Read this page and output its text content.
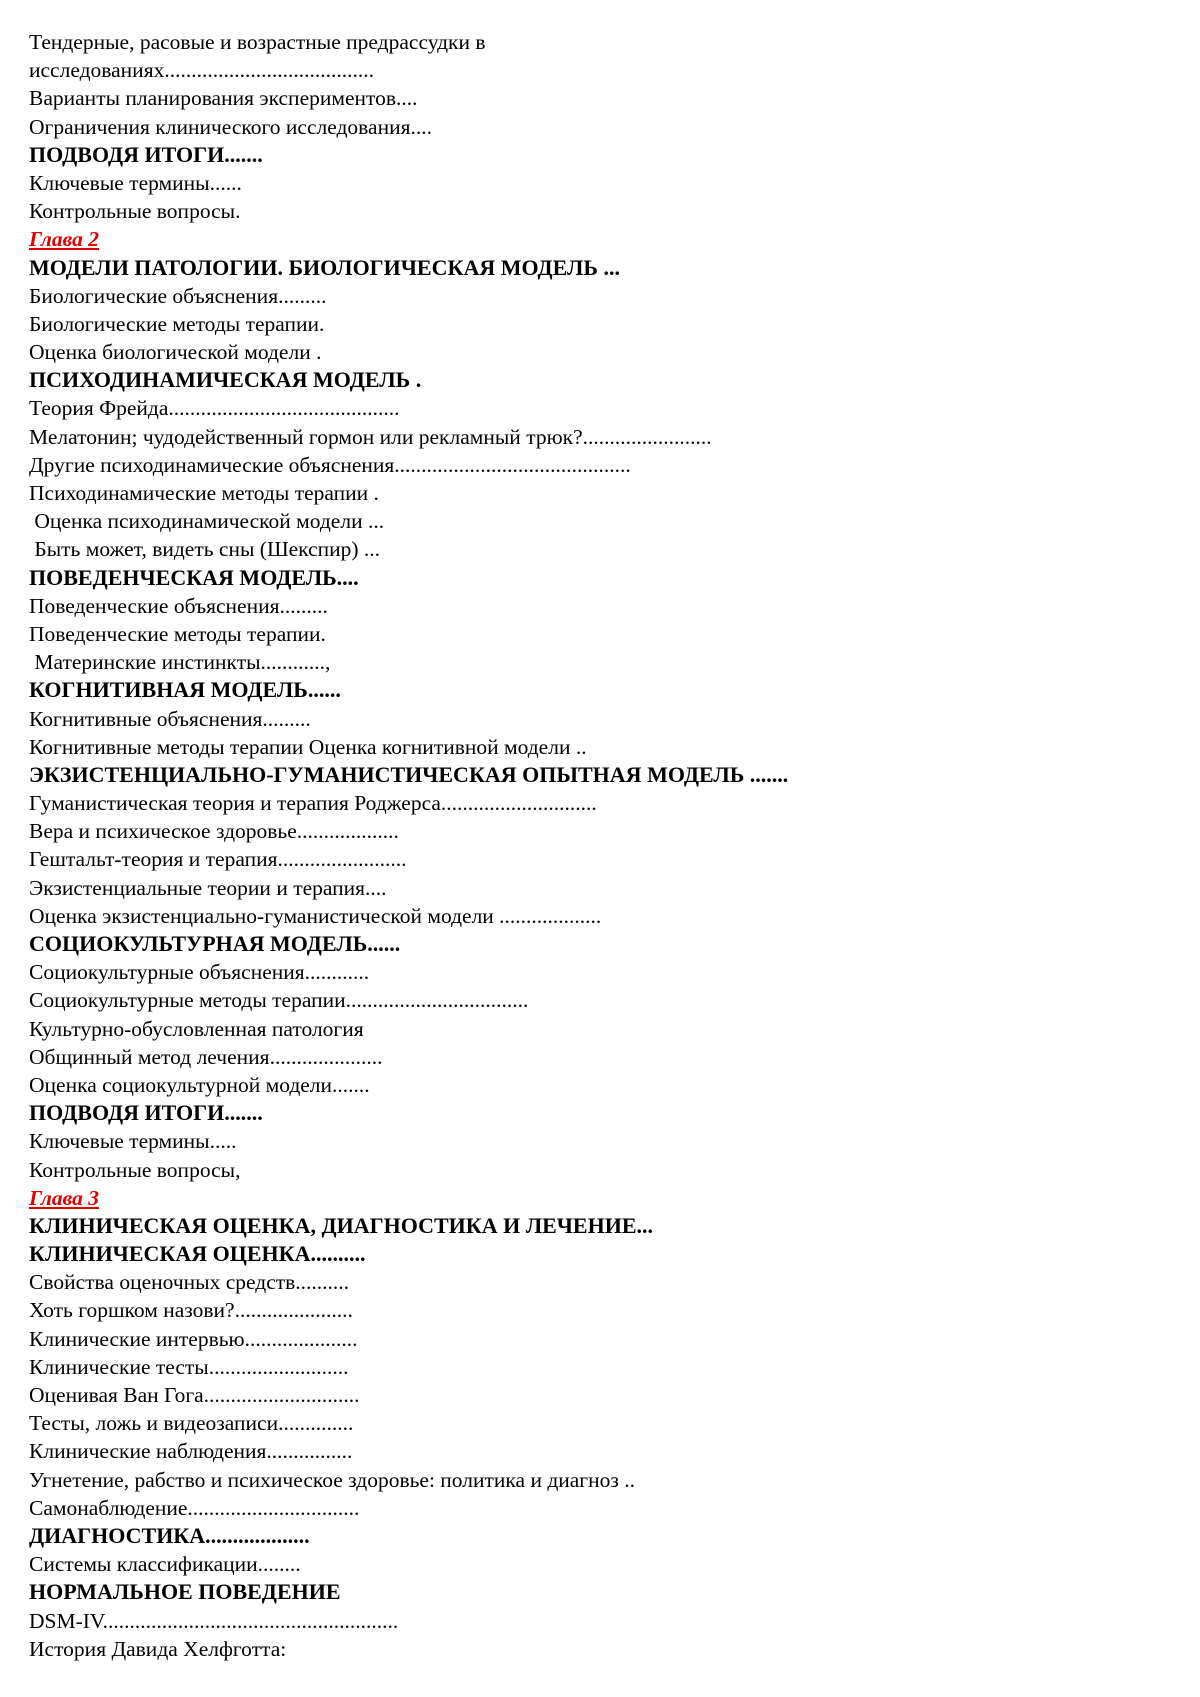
Тендерные, расовые и возрастные предрассудки в
исследованиях.......................................
Варианты планирования экспериментов....
Ограничения клинического исследования....
ПОДВОДЯ ИТОГИ.......
Ключевые термины......
Контрольные вопросы.
Глава 2
МОДЕЛИ ПАТОЛОГИИ. БИОЛОГИЧЕСКАЯ МОДЕЛЬ ...
Биологические объяснения.........
Биологические методы терапии.
Оценка биологической модели .
ПСИХОДИНАМИЧЕСКАЯ МОДЕЛЬ .
Теория Фрейда...........................................
Мелатонин; чудодейственный гормон или рекламный трюк?........................
Другие психодинамические объяснения............................................
Психодинамические методы терапии .
Оценка психодинамической модели ...
Быть может, видеть сны (Шекспир) ...
ПОВЕДЕНЧЕСКАЯ МОДЕЛЬ....
Поведенческие объяснения.........
Поведенческие методы терапии.
Материнские инстинкты............,
КОГНИТИВНАЯ МОДЕЛЬ......
Когнитивные объяснения.........
Когнитивные методы терапии Оценка когнитивной модели ..
ЭКЗИСТЕНЦИАЛЬНО-ГУМАНИСТИЧЕСКАЯ ОПЫТНАЯ МОДЕЛЬ .......
Гуманистическая теория и терапия Роджерса.............................
Вера и психическое здоровье...................
Гештальт-теория и терапия........................
Экзистенциальные теории и терапия....
Оценка экзистенциально-гуманистической модели ...................
СОЦИОКУЛЬТУРНАЯ МОДЕЛЬ......
Социокультурные объяснения............
Социокультурные методы терапии..................................
Культурно-обусловленная патология
Общинный метод лечения.....................
Оценка социокультурной модели.......
ПОДВОДЯ ИТОГИ.......
Ключевые термины.....
Контрольные вопросы,
Глава 3
КЛИНИЧЕСКАЯ ОЦЕНКА, ДИАГНОСТИКА И ЛЕЧЕНИЕ...
КЛИНИЧЕСКАЯ ОЦЕНКА..........
Свойства оценочных средств..........
Хоть горшком назови?......................
Клинические интервью.....................
Клинические тесты..........................
Оценивая Ван Гога.............................
Тесты, ложь и видеозаписи..............
Клинические наблюдения................
Угнетение, рабство и психическое здоровье: политика и диагноз ..
Самонаблюдение................................
ДИАГНОСТИКА...................
Системы классификации........
НОРМАЛЬНОЕ ПОВЕДЕНИЕ
DSM-IV.......................................................
История Давида Хелфготта:
